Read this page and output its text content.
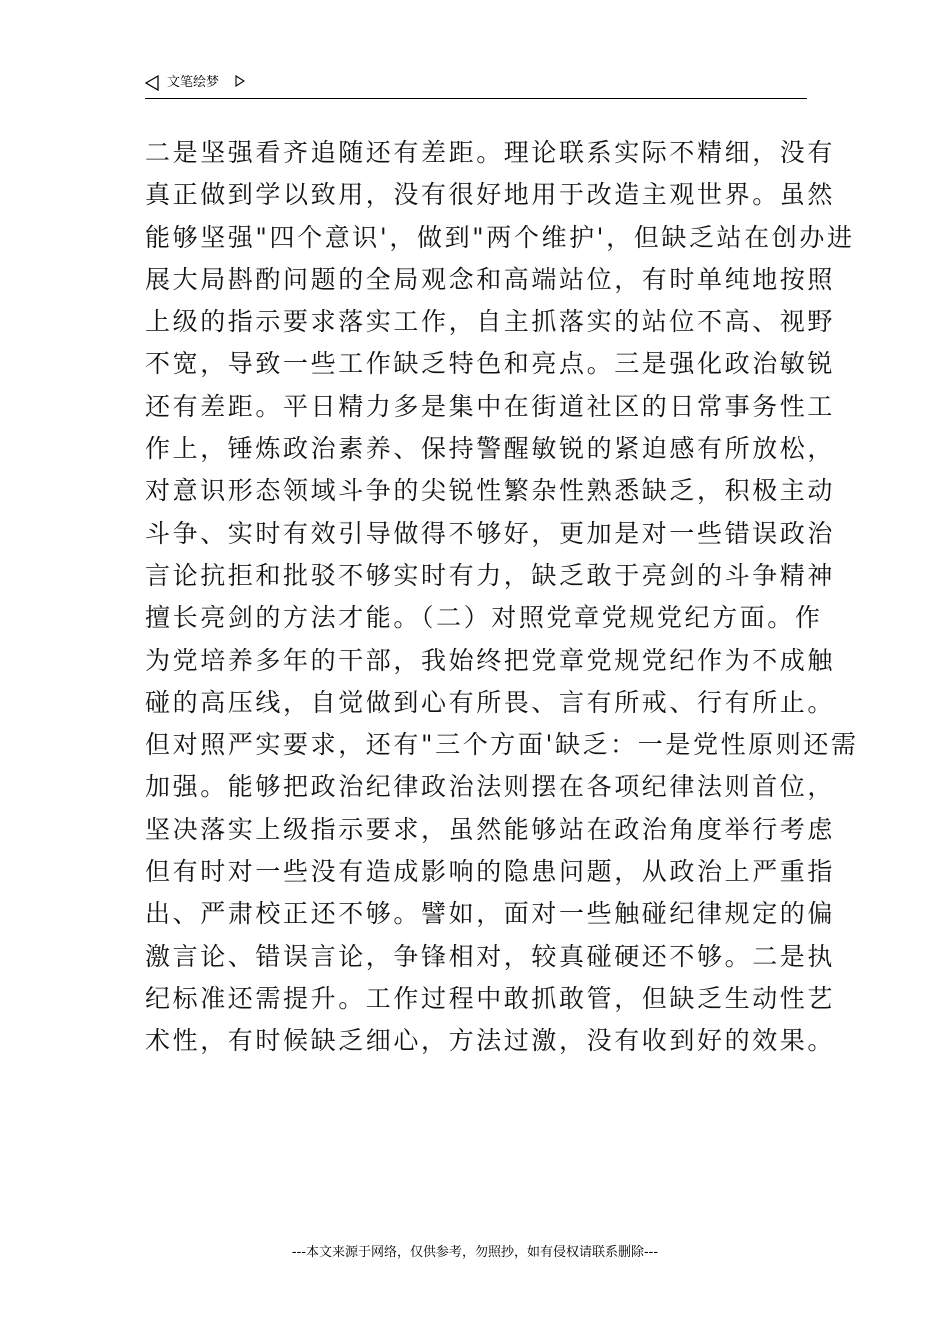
文笔绘梦
二是坚强看齐追随还有差距。理论联系实际不精细，没有
真正做到学以致用，没有很好地用于改造主观世界。虽然
能够坚强"四个意识'，做到"两个维护'，但缺乏站在创办进
展大局斟酌问题的全局观念和高端站位，有时单纯地按照
上级的指示要求落实工作，自主抓落实的站位不高、视野
不宽，导致一些工作缺乏特色和亮点。三是强化政治敏锐
还有差距。平日精力多是集中在街道社区的日常事务性工
作上，锤炼政治素养、保持警醒敏锐的紧迫感有所放松，
对意识形态领域斗争的尖锐性繁杂性熟悉缺乏，积极主动
斗争、实时有效引导做得不够好，更加是对一些错误政治
言论抗拒和批驳不够实时有力，缺乏敢于亮剑的斗争精神
擅长亮剑的方法才能。（二）对照党章党规党纪方面。作
为党培养多年的干部，我始终把党章党规党纪作为不成触
碰的高压线，自觉做到心有所畏、言有所戒、行有所止。
但对照严实要求，还有"三个方面'缺乏：一是党性原则还需
加强。能够把政治纪律政治法则摆在各项纪律法则首位，
坚决落实上级指示要求，虽然能够站在政治角度举行考虑
但有时对一些没有造成影响的隐患问题，从政治上严重指
出、严肃校正还不够。譬如，面对一些触碰纪律规定的偏
激言论、错误言论，争锋相对，较真碰硬还不够。二是执
纪标准还需提升。工作过程中敢抓敢管，但缺乏生动性艺
术性，有时候缺乏细心，方法过激，没有收到好的效果。
---本文来源于网络，仅供参考，勿照抄，如有侵权请联系删除---
